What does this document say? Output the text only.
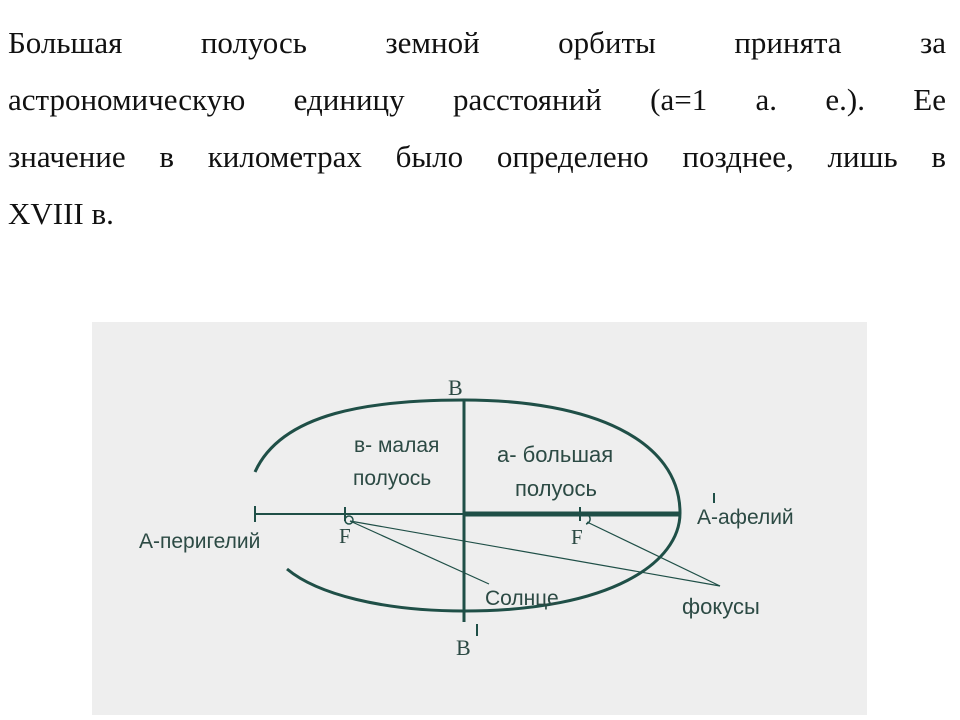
Большая полуось земной орбиты принята за
астрономическую единицу расстояний (а=1 а. е.). Ее
значение в километрах было определено позднее, лишь в
XVIII в.
B
B
в- малая
полуось
а- большая
полуось
А-перигелий
А-афелий
F	F
Солнце	фокусы
